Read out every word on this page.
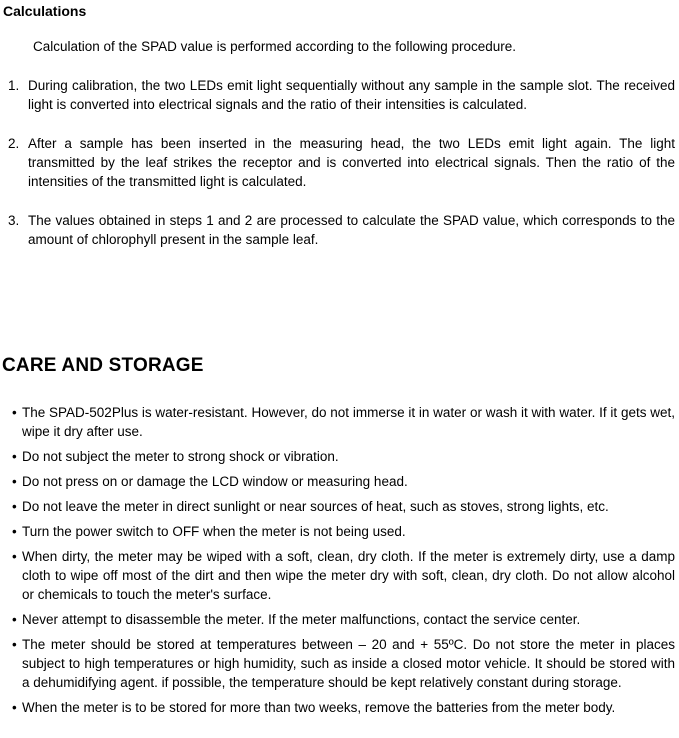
Calculations

Calculation of the SPAD value is performed according to the following procedure.

1. During calibration, the two LEDs emit light sequentially without any sample in the sample slot. The received light is converted into electrical signals and the ratio of their intensities is calculated.
2. After a sample has been inserted in the measuring head, the two LEDs emit light again. The light transmitted by the leaf strikes the receptor and is converted into electrical signals. Then the ratio of the intensities of the transmitted light is calculated.
3. The values obtained in steps 1 and 2 are processed to calculate the SPAD value, which corresponds to the amount of chlorophyll present in the sample leaf.
CARE AND STORAGE
• The SPAD-502Plus is water-resistant. However, do not immerse it in water or wash it with water. If it gets wet, wipe it dry after use.
• Do not subject the meter to strong shock or vibration.
• Do not press on or damage the LCD window or measuring head.
• Do not leave the meter in direct sunlight or near sources of heat, such as stoves, strong lights, etc.
• Turn the power switch to OFF when the meter is not being used.
• When dirty, the meter may be wiped with a soft, clean, dry cloth. If the meter is extremely dirty, use a damp cloth to wipe off most of the dirt and then wipe the meter dry with soft, clean, dry cloth. Do not allow alcohol or chemicals to touch the meter's surface.
• Never attempt to disassemble the meter. If the meter malfunctions, contact the service center.
• The meter should be stored at temperatures between – 20 and + 55ºC. Do not store the meter in places subject to high temperatures or high humidity, such as inside a closed motor vehicle. It should be stored with a dehumidifying agent. if possible, the temperature should be kept relatively constant during storage.
• When the meter is to be stored for more than two weeks, remove the batteries from the meter body.
